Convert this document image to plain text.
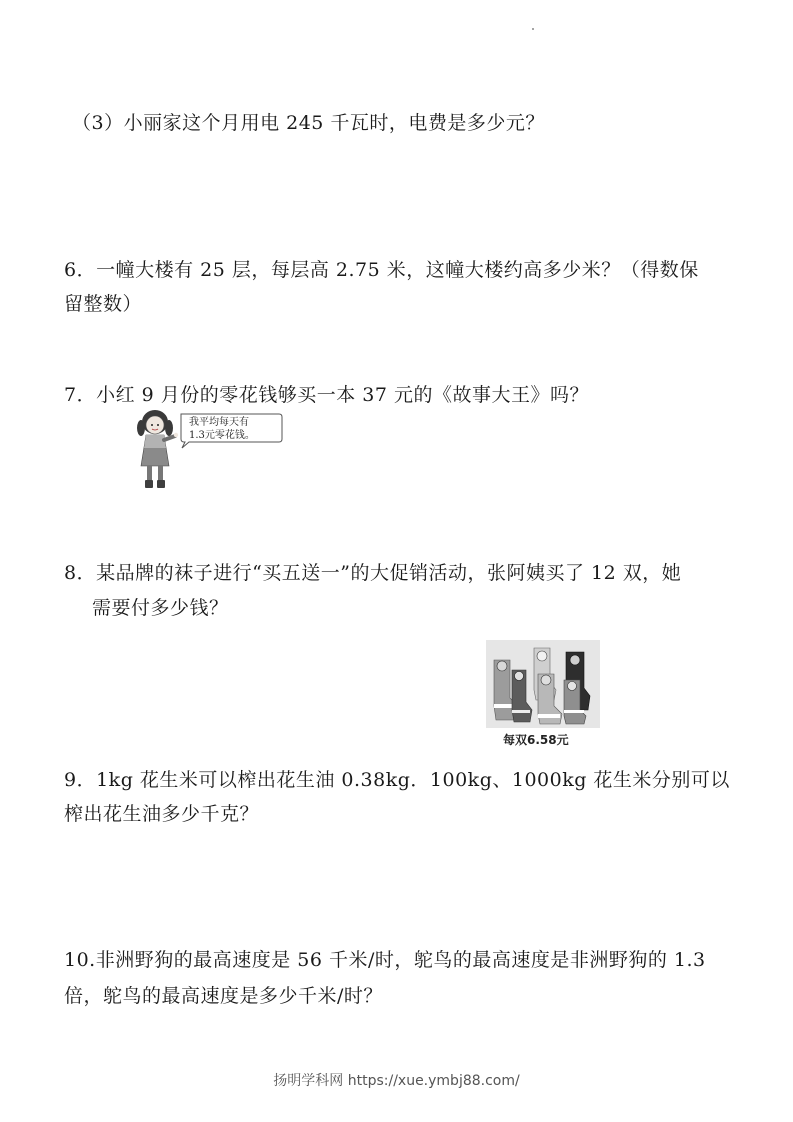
（3）小丽家这个月用电 245 千瓦时，电费是多少元？
6．一幢大楼有 25 层，每层高 2.75 米，这幢大楼约高多少米？（得数保
留整数）
7．小红 9 月份的零花钱够买一本 37 元的《故事大王》吗？
我平均每天有
1.3元零花钱。
8．某品牌的袜子进行“买五送一”的大促销活动，张阿姨买了 12 双，她
需要付多少钱？
每双6.58元
9．1kg 花生米可以榨出花生油 0.38kg．100kg、1000kg 花生米分别可以
榨出花生油多少千克？
10.非洲野狗的最高速度是 56 千米/时，鸵鸟的最高速度是非洲野狗的 1.3
倍，鸵鸟的最高速度是多少千米/时？
扬明学科网 https://xue.ymbj88.com/
